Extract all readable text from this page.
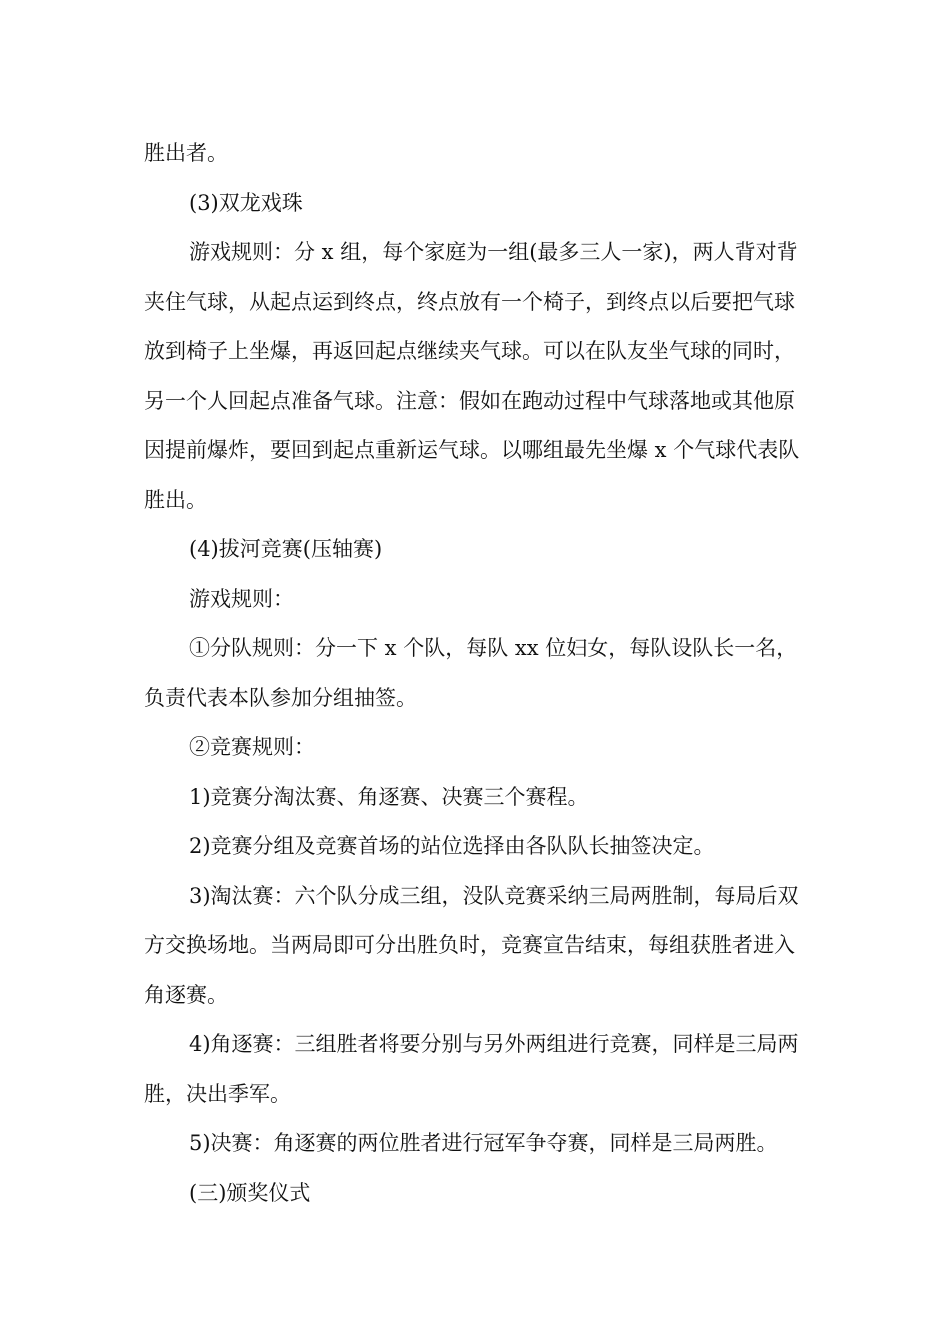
胜出者。

(3)双龙戏珠

游戏规则：分 x 组，每个家庭为一组(最多三人一家)，两人背对背夹住气球，从起点运到终点，终点放有一个椅子，到终点以后要把气球放到椅子上坐爆，再返回起点继续夹气球。可以在队友坐气球的同时，另一个人回起点准备气球。注意：假如在跑动过程中气球落地或其他原因提前爆炸，要回到起点重新运气球。以哪组最先坐爆 x 个气球代表队胜出。

(4)拔河竞赛(压轴赛)

游戏规则：

①分队规则：分一下 x 个队，每队 xx 位妇女，每队设队长一名，负责代表本队参加分组抽签。

②竞赛规则：

1)竞赛分淘汰赛、角逐赛、决赛三个赛程。

2)竞赛分组及竞赛首场的站位选择由各队队长抽签决定。

3)淘汰赛：六个队分成三组，没队竞赛采纳三局两胜制，每局后双方交换场地。当两局即可分出胜负时，竞赛宣告结束，每组获胜者进入角逐赛。

4)角逐赛：三组胜者将要分别与另外两组进行竞赛，同样是三局两胜，决出季军。

5)决赛：角逐赛的两位胜者进行冠军争夺赛，同样是三局两胜。

(三)颁奖仪式
